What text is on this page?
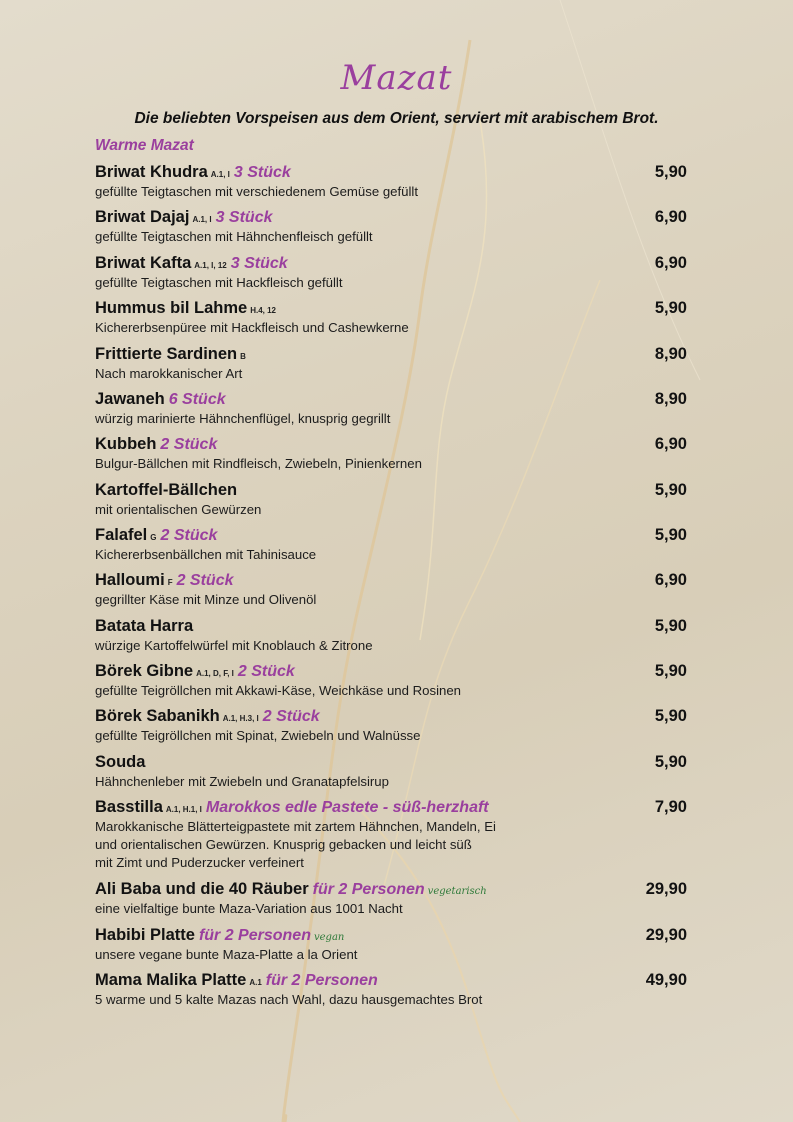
Mazat
Die beliebten Vorspeisen aus dem Orient, serviert mit arabischem Brot.
Warme Mazat
Briwat Khudra A.1, I 3 Stück	5,90
gefüllte Teigtaschen mit verschiedenem Gemüse gefüllt
Briwat Dajaj A.1, I 3 Stück	6,90
gefüllte Teigtaschen mit Hähnchenfleisch gefüllt
Briwat Kafta A.1, I, 12 3 Stück	6,90
gefüllte Teigtaschen mit Hackfleisch gefüllt
Hummus bil Lahme H.4, 12	5,90
Kichererbsenpüree mit Hackfleisch und Cashewkerne
Frittierte Sardinen B	8,90
Nach marokkanischer Art
Jawaneh 6 Stück	8,90
würzig marinierte Hähnchenflügel, knusprig gegrillt
Kubbeh 2 Stück	6,90
Bulgur-Bällchen mit Rindfleisch, Zwiebeln, Pinienkernen
Kartoffel-Bällchen	5,90
mit orientalischen Gewürzen
Falafel G 2 Stück	5,90
Kichererbsenbällchen mit Tahinisauce
Halloumi F 2 Stück	6,90
gegrillter Käse mit Minze und Olivenöl
Batata Harra	5,90
würzige Kartoffelwürfel mit Knoblauch & Zitrone
Börek Gibne A.1, D, F, I 2 Stück	5,90
gefüllte Teigröllchen mit Akkawi-Käse, Weichkäse und Rosinen
Börek Sabanikh A.1, H.3, I 2 Stück	5,90
gefüllte Teigröllchen mit Spinat, Zwiebeln und Walnüsse
Souda	5,90
Hähnchenleber mit Zwiebeln und Granatapfelsirup
Basstilla A.1, H.1, I Marokkos edle Pastete - süß-herzhaft	7,90
Marokkanische Blätterteigpastete mit zartem Hähnchen, Mandeln, Ei
und orientalischen Gewürzen. Knusprig gebacken und leicht süß
mit Zimt und Puderzucker verfeinert
Ali Baba und die 40 Räuber für 2 Personen vegetarisch	29,90
eine vielfaltige bunte Maza-Variation aus 1001 Nacht
Habibi Platte für 2 Personen vegan	29,90
unsere vegane bunte Maza-Platte a la Orient
Mama Malika Platte A.1 für 2 Personen	49,90
5 warme und 5 kalte Mazas nach Wahl, dazu hausgemachtes Brot
